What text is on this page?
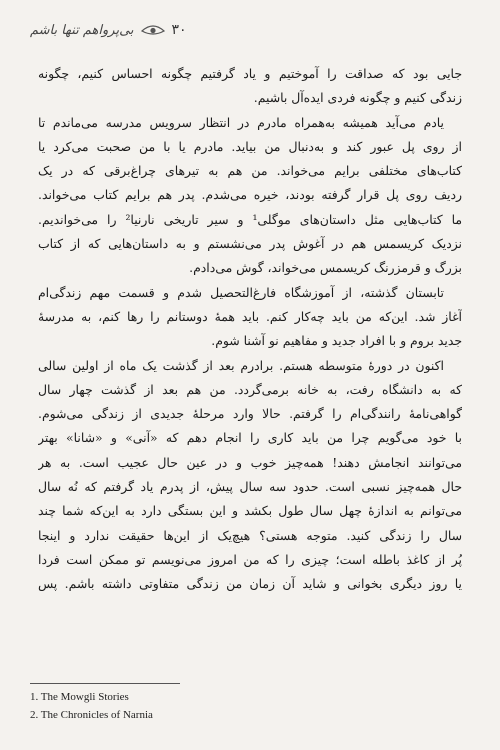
۳۰
بی‌پرواهم تنها باشم
جایی بود که صداقت را آموختیم و یاد گرفتیم چگونه احساس کنیم، چگونه
زندگی کنیم و چگونه فردی ایده‌آل باشیم.
یادم می‌آید همیشه به‌همراه مادرم در انتظار سرویس مدرسه می‌ماندم تا
از روی پل عبور کند و به‌دنبال من بیاید. مادرم یا با من صحبت می‌کرد یا
کتاب‌های مختلفی برایم می‌خواند. من هم به تیرهای چراغ‌برقی که در یک
ردیف روی پل قرار گرفته بودند، خیره می‌شدم. پدر هم برایم کتاب می‌خواند.
ما کتاب‌هایی مثل داستان‌های موگلی¹ و سیر تاریخی نارنیا² را می‌خواندیم.
نزدیک کریسمس هم در آغوش پدر می‌نشستم و به داستان‌هایی که از کتاب
بزرگ و قرمزرنگ کریسمس می‌خواند، گوش می‌دادم.
تابستان گذشته، از آموزشگاه فارغ‌التحصیل شدم و قسمت مهم زندگی‌ام
آغاز شد. این‌که من باید چه‌کار کنم. باید همهٔ دوستانم را رها کنم، به مدرسهٔ
جدید بروم و با افراد جدید و مفاهیم نو آشنا شوم.
اکنون در دورهٔ متوسطه هستم. برادرم بعد از گذشت یک ماه از اولین سالی
که به دانشگاه رفت، به خانه برمی‌گردد. من هم بعد از گذشت چهار سال
گواهی‌نامهٔ رانندگی‌ام را گرفتم. حالا وارد مرحلهٔ جدیدی از زندگی می‌شوم.
با خود می‌گویم چرا من باید کاری را انجام دهم که «آنی» و «شانا» بهتر
می‌توانند انجامش دهند! همه‌چیز خوب و در عین حال عجیب است. به هر
حال همه‌چیز نسبی است. حدود سه سال پیش، از پدرم یاد گرفتم که نُه سال
می‌توانم به اندازهٔ چهل سال طول بکشد و این بستگی دارد به این‌که شما چند
سال را زندگی کنید. متوجه هستی؟ هیچ‌یک از این‌ها حقیقت ندارد و اینجا
پُر از کاغذ باطله است؛ چیزی را که من امروز می‌نویسم تو ممکن است فردا
یا روز دیگری بخوانی و شاید آن زمان من زندگی متفاوتی داشته باشم. پس
1. The Mowgli Stories
2. The Chronicles of Narnia
